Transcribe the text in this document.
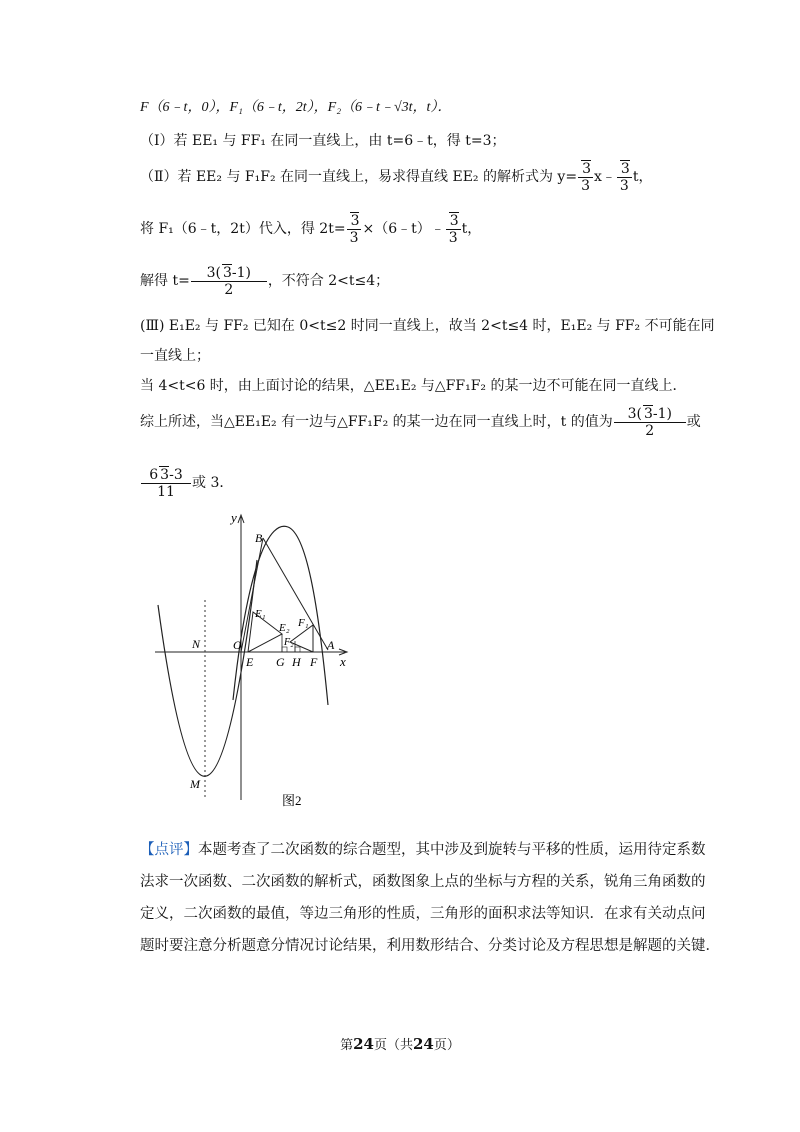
F（6﹣t，0），F₁（6﹣t，2t），F₂（6﹣t﹣√3t，t）．
（Ⅰ）若 EE₁ 与 FF₁ 在同一直线上，由 t=6﹣t，得 t=3；
（Ⅱ）若 EE₂ 与 F₁F₂ 在同一直线上，易求得直线 EE₂ 的解析式为 $y= \frac{3}{3}$ x﹣ $\frac{3}{3}$ t，
将 F₁（6﹣t，2t）代入，得 $2t= \frac{3}{3}$ ×（6﹣t）﹣ $\frac{3}{3}$ t，
解得 $t= \frac{3( 3-1)}{2}$ ，不符合 2<t≤4；
(Ⅲ) E₁E₂ 与 FF₂ 已知在 0<t≤2 时同一直线上，故当 2<t≤4 时，E₁E₂ 与 FF₂ 不可能在同
一直线上；
当 4<t<6 时，由上面讨论的结果，△EE₁E₂ 与△FF₁F₂ 的某一边不可能在同一直线上．
综上所述，当△EE₁E₂ 有一边与△FF₁F₂ 的某一边在同一直线上时，t 的值为 $\frac{3( 3-1)}{2}$ 或
$\frac{6 3-3}{11}$ 或 3．
y
x
O
N
B
M
E
E₁
E₂ F₁
F₂
G H F
A
图2
【点评】本题考查了二次函数的综合题型，其中涉及到旋转与平移的性质，运用待定系数
法求一次函数、二次函数的解析式，函数图象上点的坐标与方程的关系，锐角三角函数的
定义，二次函数的最值，等边三角形的性质，三角形的面积求法等知识．在求有关动点问
题时要注意分析题意分情况讨论结果，利用数形结合、分类讨论及方程思想是解题的关键．
第24页（共24页）
